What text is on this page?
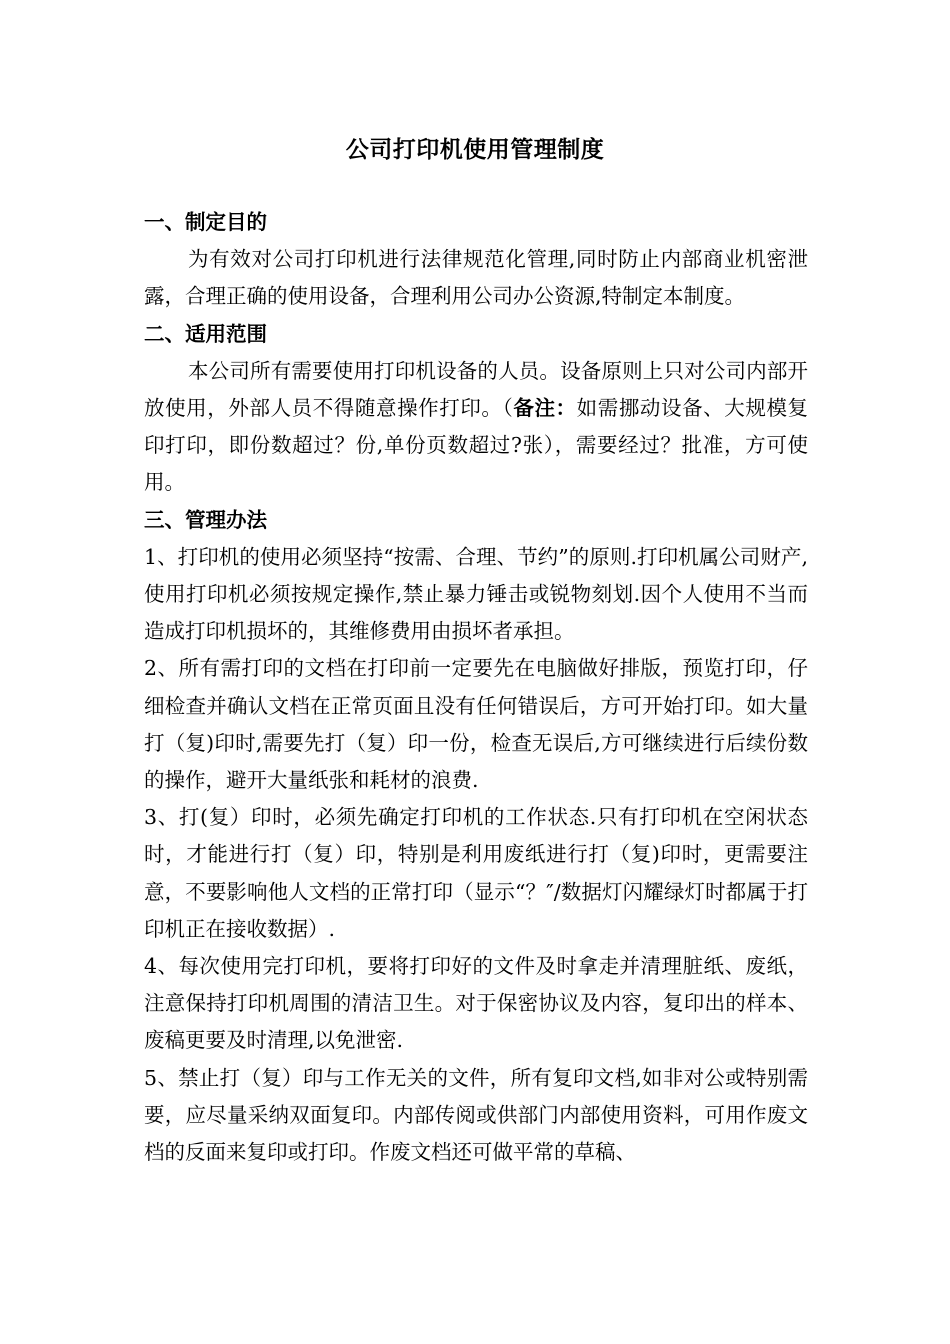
公司打印机使用管理制度
一、制定目的
为有效对公司打印机进行法律规范化管理,同时防止内部商业机密泄露，合理正确的使用设备，合理利用公司办公资源,特制定本制度。
二、适用范围
本公司所有需要使用打印机设备的人员。设备原则上只对公司内部开放使用，外部人员不得随意操作打印。（备注：如需挪动设备、大规模复印打印，即份数超过？份,单份页数超过?张），需要经过？批准，方可使用。
三、管理办法
1、打印机的使用必须坚持“按需、合理、节约”的原则.打印机属公司财产,使用打印机必须按规定操作,禁止暴力锤击或锐物刻划.因个人使用不当而造成打印机损坏的，其维修费用由损坏者承担。
2、所有需打印的文档在打印前一定要先在电脑做好排版，预览打印，仔细检查并确认文档在正常页面且没有任何错误后，方可开始打印。如大量打（复)印时,需要先打（复）印一份，检查无误后,方可继续进行后续份数的操作，避开大量纸张和耗材的浪费.
3、打(复）印时，必须先确定打印机的工作状态.只有打印机在空闲状态时，才能进行打（复）印，特别是利用废纸进行打（复)印时，更需要注意，不要影响他人文档的正常打印（显示“？″/数据灯闪耀绿灯时都属于打印机正在接收数据）.
4、每次使用完打印机，要将打印好的文件及时拿走并清理脏纸、废纸，注意保持打印机周围的清洁卫生。对于保密协议及内容，复印出的样本、废稿更要及时清理,以免泄密.
5、禁止打（复）印与工作无关的文件，所有复印文档,如非对公或特别需要，应尽量采纳双面复印。内部传阅或供部门内部使用资料，可用作废文档的反面来复印或打印。作废文档还可做平常的草稿、
